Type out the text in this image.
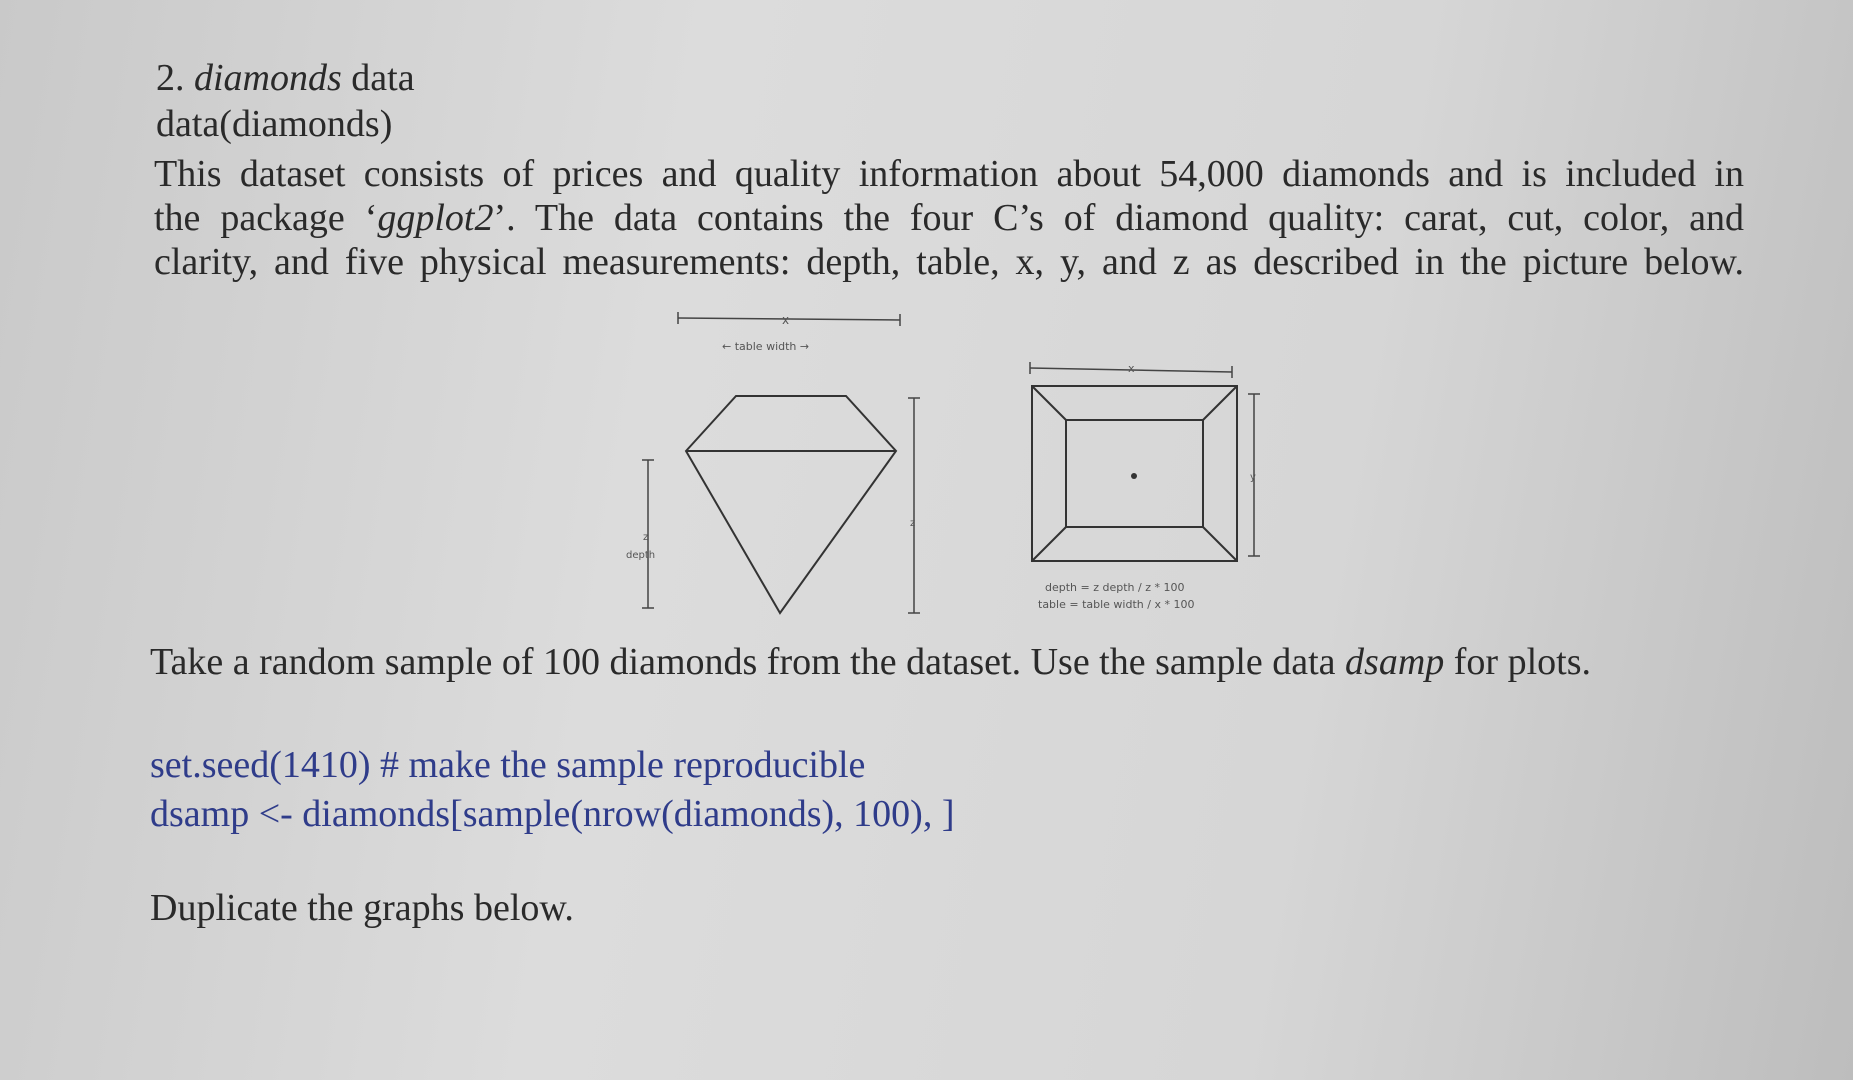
2. diamonds data
data(diamonds)
This dataset consists of prices and quality information about 54,000 diamonds and is included in
the package ‘ggplot2’. The data contains the four C’s of diamond quality: carat, cut, color, and
clarity, and five physical measurements: depth, table, x, y, and z as described in the picture below.
x
← table width →
z
depth
z
x
y
depth = z depth / z * 100
table = table width / x * 100
Take a random sample of 100 diamonds from the dataset. Use the sample data dsamp for plots.
set.seed(1410) # make the sample reproducible
dsamp <- diamonds[sample(nrow(diamonds), 100), ]
Duplicate the graphs below.
